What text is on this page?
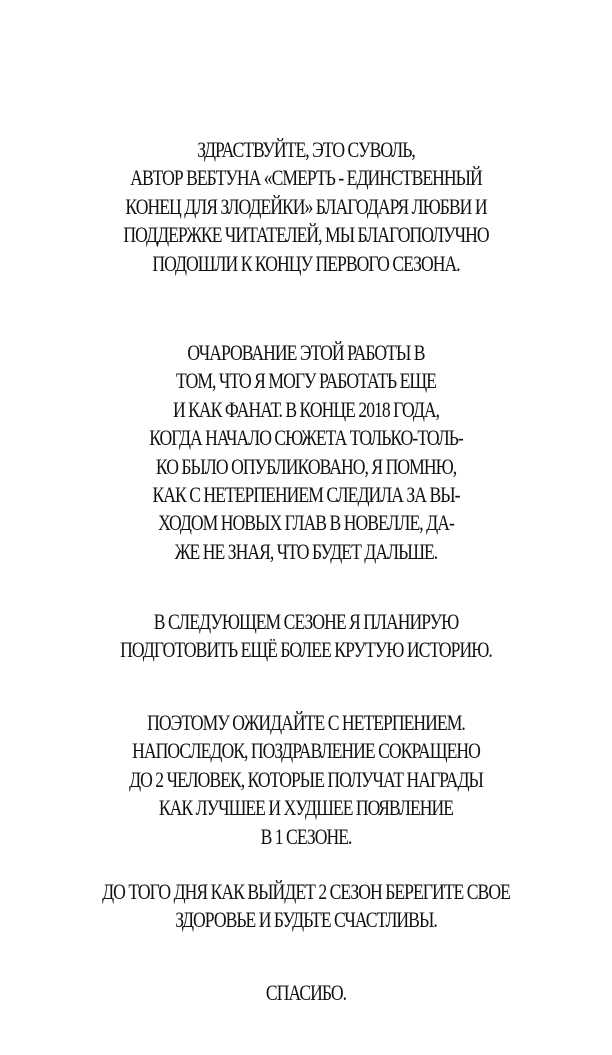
ЗДРАСТВУЙТЕ, ЭТО СУВОЛЬ,
АВТОР ВЕБТУНА «СМЕРТЬ - ЕДИНСТВЕННЫЙ
КОНЕЦ ДЛЯ ЗЛОДЕЙКИ» БЛАГОДАРЯ ЛЮБВИ И
ПОДДЕРЖКЕ ЧИТАТЕЛЕЙ, МЫ БЛАГОПОЛУЧНО
ПОДОШЛИ К КОНЦУ ПЕРВОГО СЕЗОНА.
ОЧАРОВАНИЕ ЭТОЙ РАБОТЫ В
ТОМ, ЧТО Я МОГУ РАБОТАТЬ ЕЩЕ
И КАК ФАНАТ. В КОНЦЕ 2018 ГОДА,
КОГДА НАЧАЛО СЮЖЕТА ТОЛЬКО-ТОЛЬ-
КО БЫЛО ОПУБЛИКОВАНО, Я ПОМНЮ,
КАК С НЕТЕРПЕНИЕМ СЛЕДИЛА ЗА ВЫ-
ХОДОМ НОВЫХ ГЛАВ В НОВЕЛЛЕ, ДА-
ЖЕ НЕ ЗНАЯ, ЧТО БУДЕТ ДАЛЬШЕ.
В СЛЕДУЮЩЕМ СЕЗОНЕ Я ПЛАНИРУЮ
ПОДГОТОВИТЬ ЕЩЁ БОЛЕЕ КРУТУЮ ИСТОРИЮ.
ПОЭТОМУ ОЖИДАЙТЕ С НЕТЕРПЕНИЕМ.
НАПОСЛЕДОК, ПОЗДРАВЛЕНИЕ СОКРАЩЕНО
ДО 2 ЧЕЛОВЕК, КОТОРЫЕ ПОЛУЧАТ НАГРАДЫ
КАК ЛУЧШЕЕ И ХУДШЕЕ ПОЯВЛЕНИЕ
В 1 СЕЗОНЕ.
ДО ТОГО ДНЯ КАК ВЫЙДЕТ 2 СЕЗОН БЕРЕГИТЕ СВОЕ
ЗДОРОВЬЕ И БУДЬТЕ СЧАСТЛИВЫ.
СПАСИБО.
